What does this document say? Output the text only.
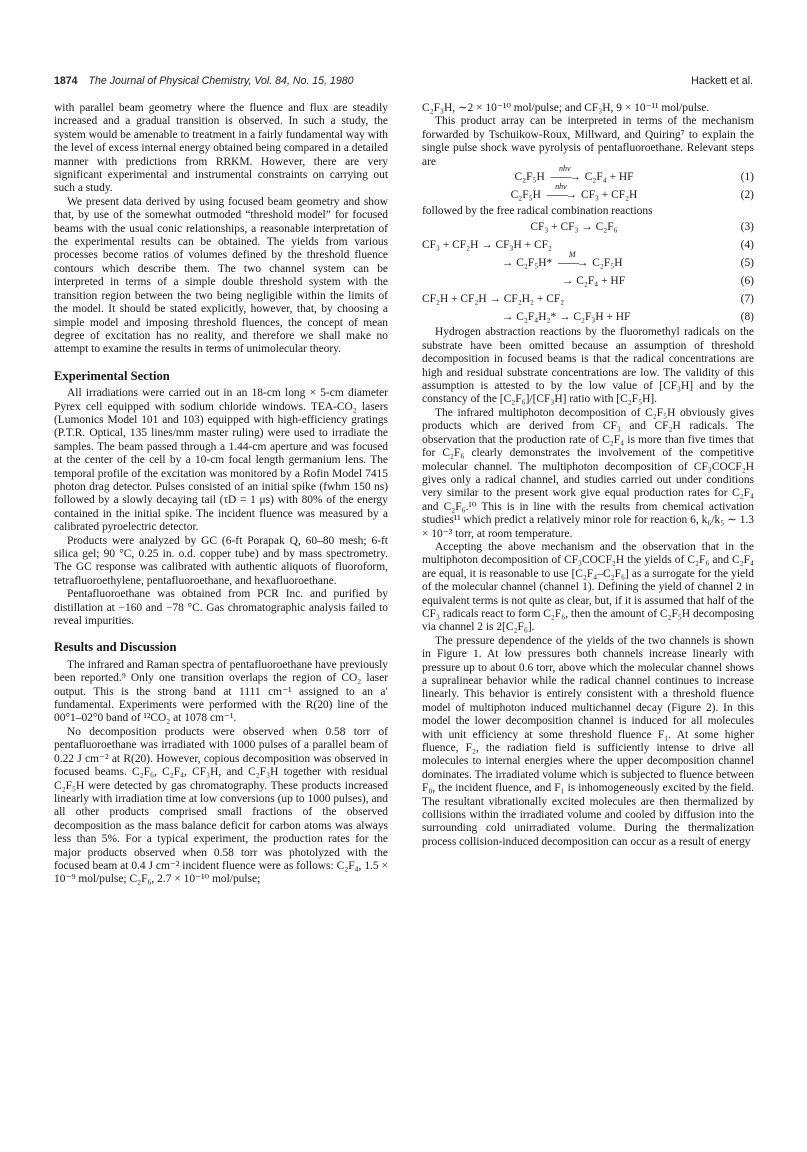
1874 The Journal of Physical Chemistry, Vol. 84, No. 15, 1980	Hackett et al.

with parallel beam geometry where the fluence and flux are steadily increased and a gradual transition is observed. In such a study, the system would be amenable to treatment in a fairly fundamental way with the level of excess internal energy obtained being compared in a detailed manner with predictions from RRKM. However, there are very significant experimental and instrumental constraints on carrying out such a study.

We present data derived by using focused beam geometry and show that, by use of the somewhat outmoded “threshold model” for focused beams with the usual conic relationships, a reasonable interpretation of the experimental results can be obtained. The yields from various processes become ratios of volumes defined by the threshold fluence contours which describe them. The two channel system can be interpreted in terms of a simple double threshold system with the transition region between the two being negligible within the limits of the model. It should be stated explicitly, however, that, by choosing a simple model and imposing threshold fluences, the concept of mean degree of excitation has no reality, and therefore we shall make no attempt to examine the results in terms of unimolecular theory.

Experimental Section

All irradiations were carried out in an 18-cm long × 5-cm diameter Pyrex cell equipped with sodium chloride windows. TEA-CO₂ lasers (Lumonics Model 101 and 103) equipped with high-efficiency gratings (P.T.R. Optical, 135 lines/mm master ruling) were used to irradiate the samples. The beam passed through a 1.44-cm aperture and was focused at the center of the cell by a 10-cm focal length germanium lens. The temporal profile of the excitation was monitored by a Rofin Model 7415 photon drag detector. Pulses consisted of an initial spike (fwhm 150 ns) followed by a slowly decaying tail (τD = 1 μs) with 80% of the energy contained in the initial spike. The incident fluence was measured by a calibrated pyroelectric detector.

Products were analyzed by GC (6-ft Porapak Q, 60–80 mesh; 6-ft silica gel; 90 °C, 0.25 in. o.d. copper tube) and by mass spectrometry. The GC response was calibrated with authentic aliquots of fluoroform, tetrafluoroethylene, pentafluoroethane, and hexafluoroethane.

Pentafluoroethane was obtained from PCR Inc. and purified by distillation at −160 and −78 °C. Gas chromatographic analysis failed to reveal impurities.

Results and Discussion

The infrared and Raman spectra of pentafluoroethane have previously been reported.⁹ Only one transition overlaps the region of CO₂ laser output. This is the strong band at 1111 cm⁻¹ assigned to an a′ fundamental. Experiments were performed with the R(20) line of the 00°1–02°0 band of ¹²CO₂ at 1078 cm⁻¹.

No decomposition products were observed when 0.58 torr of pentafluoroethane was irradiated with 1000 pulses of a parallel beam of 0.22 J cm⁻² at R(20). However, copious decomposition was observed in focused beams. C₂F₆, C₂F₄, CF₃H, and C₂F₃H together with residual C₂F₅H were detected by gas chromatography. These products increased linearly with irradiation time at low conversions (up to 1000 pulses), and all other products comprised small fractions of the observed decomposition as the mass balance deficit for carbon atoms was always less than 5%. For a typical experiment, the production rates for the major products observed when 0.58 torr was photolyzed with the focused beam at 0.4 J cm⁻² incident fluence were as follows: C₂F₄, 1.5 × 10⁻⁹ mol/pulse; C₂F₆, 2.7 × 10⁻¹⁰ mol/pulse;

C₂F₃H, ∼2 × 10⁻¹⁰ mol/pulse; and CF₃H, 9 × 10⁻¹¹ mol/pulse.

This product array can be interpreted in terms of the mechanism forwarded by Tschuikow-Roux, Millward, and Quiring⁷ to explain the single pulse shock wave pyrolysis of pentafluoroethane. Relevant steps are

C₂F₅H
nhν
——→ C₂F₄ + HF	(1)
C₂F₅H
nhν
——→ CF₃ + CF₂H	(2)

followed by the free radical combination reactions

CF₃ + CF₃ → C₂F₆	(3)
CF₃ + CF₂H → CF₃H + CF₂	(4)
→ C₂F₅H*
M
——→ C₂F₅H	(5)
→ C₂F₄ + HF	(6)
CF₂H + CF₂H → CF₂H₂ + CF₂	(7)
→ C₂F₄H₂* → C₂F₃H + HF	(8)

Hydrogen abstraction reactions by the fluoromethyl radicals on the substrate have been omitted because an assumption of threshold decomposition in focused beams is that the radical concentrations are high and residual substrate concentrations are low. The validity of this assumption is attested to by the low value of [CF₃H] and by the constancy of the [C₂F₆]/[CF₃H] ratio with [C₂F₅H].

The infrared multiphoton decomposition of C₂F₅H obviously gives products which are derived from CF₃ and CF₂H radicals. The observation that the production rate of C₂F₄ is more than five times that for C₂F₆ clearly demonstrates the involvement of the competitive molecular channel. The multiphoton decomposition of CF₃COCF₂H gives only a radical channel, and studies carried out under conditions very similar to the present work give equal production rates for C₂F₄ and C₂F₆.¹⁰ This is in line with the results from chemical activation studies¹¹ which predict a relatively minor role for reaction 6, k₆/k₅ ∼ 1.3 × 10⁻³ torr, at room temperature.

Accepting the above mechanism and the observation that in the multiphoton decomposition of CF₃COCF₂H the yields of C₂F₆ and C₂F₄ are equal, it is reasonable to use [C₂F₄–C₂F₆] as a surrogate for the yield of the molecular channel (channel 1). Defining the yield of channel 2 in equivalent terms is not quite as clear, but, if it is assumed that half of the CF₃ radicals react to form C₂F₆, then the amount of C₂F₅H decomposing via channel 2 is 2[C₂F₆].

The pressure dependence of the yields of the two channels is shown in Figure 1. At low pressures both channels increase linearly with pressure up to about 0.6 torr, above which the molecular channel shows a supralinear behavior while the radical channel continues to increase linearly. This behavior is entirely consistent with a threshold fluence model of multiphoton induced multichannel decay (Figure 2). In this model the lower decomposition channel is induced for all molecules with unit efficiency at some threshold fluence F₁. At some higher fluence, F₂, the radiation field is sufficiently intense to drive all molecules to internal energies where the upper decomposition channel dominates. The irradiated volume which is subjected to fluence between F₀, the incident fluence, and F₁ is inhomogeneously excited by the field. The resultant vibrationally excited molecules are then thermalized by collisions within the irradiated volume and cooled by diffusion into the surrounding cold unirradiated volume. During the thermalization process collision-induced decomposition can occur as a result of energy
